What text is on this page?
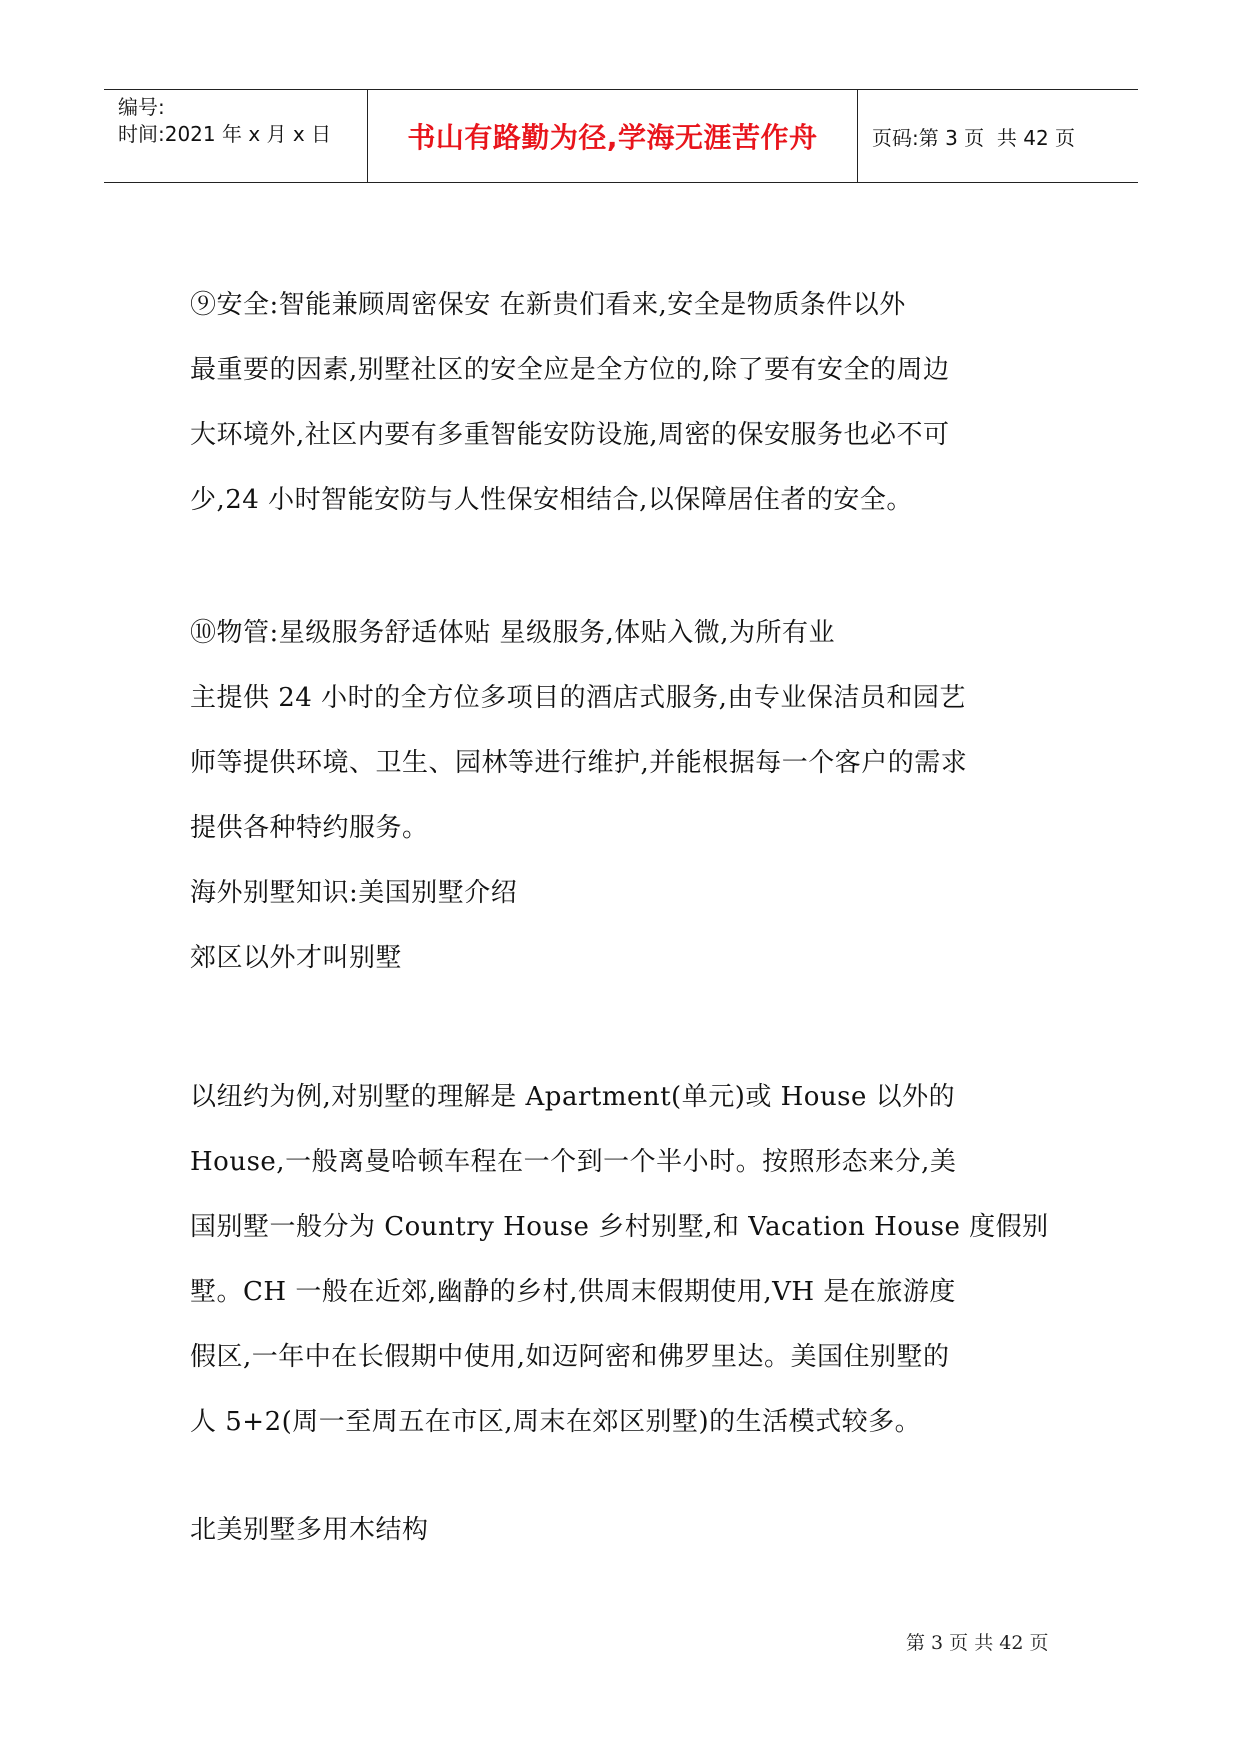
编号:
时间:2021 年 x 月 x 日	书山有路勤为径,学海无涯苦作舟	页码:第 3 页  共 42 页
⑨安全:智能兼顾周密保安 在新贵们看来,安全是物质条件以外
最重要的因素,别墅社区的安全应是全方位的,除了要有安全的周边
大环境外,社区内要有多重智能安防设施,周密的保安服务也必不可
少,24 小时智能安防与人性保安相结合,以保障居住者的安全。
⑩物管:星级服务舒适体贴 星级服务,体贴入微,为所有业
主提供 24 小时的全方位多项目的酒店式服务,由专业保洁员和园艺
师等提供环境、卫生、园林等进行维护,并能根据每一个客户的需求
提供各种特约服务。
海外别墅知识:美国别墅介绍
郊区以外才叫别墅
以纽约为例,对别墅的理解是 Apartment(单元)或 House 以外的
House,一般离曼哈顿车程在一个到一个半小时。按照形态来分,美
国别墅一般分为 Country House 乡村别墅,和 Vacation House 度假别
墅。CH 一般在近郊,幽静的乡村,供周末假期使用,VH 是在旅游度
假区,一年中在长假期中使用,如迈阿密和佛罗里达。美国住别墅的
人 5+2(周一至周五在市区,周末在郊区别墅)的生活模式较多。
北美别墅多用木结构
第 3 页 共 42 页
